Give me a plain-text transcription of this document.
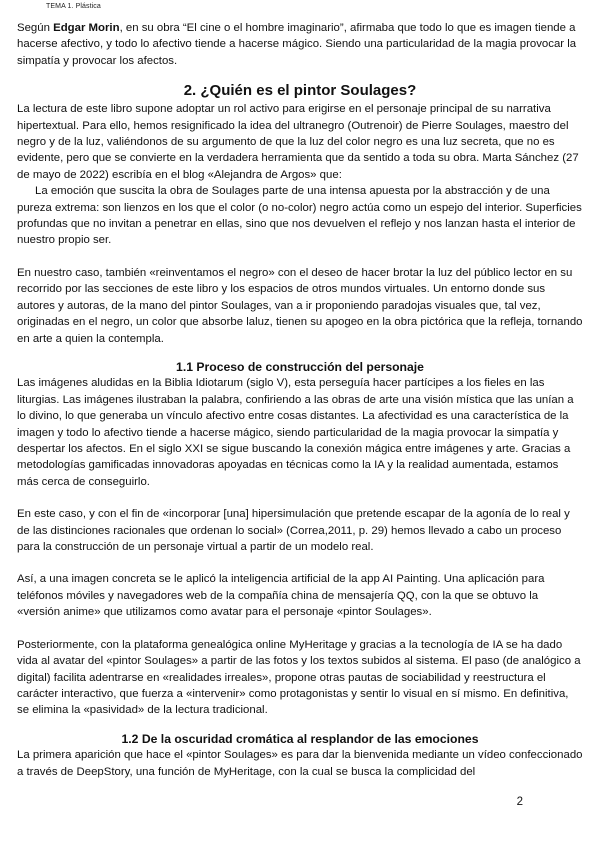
TEMA 1. Plástica

Según Edgar Morin, en su obra “El cine o el hombre imaginario”, afirmaba que todo lo que es imagen tiende a hacerse afectivo, y todo lo afectivo tiende a hacerse mágico. Siendo una particularidad de la magia provocar la simpatía y provocar los afectos.

2. ¿Quién es el pintor Soulages?

La lectura de este libro supone adoptar un rol activo para erigirse en el personaje principal de su narrativa hipertextual. Para ello, hemos resignificado la idea del ultranegro (Outrenoir) de Pierre Soulages, maestro del negro y de la luz, valiéndonos de su argumento de que la luz del color negro es una luz secreta, que no es evidente, pero que se convierte en la verdadera herramienta que da sentido a toda su obra. Marta Sánchez (27 de mayo de 2022) escribía en el blog «Alejandra de Argos» que:

La emoción que suscita la obra de Soulages parte de una intensa apuesta por la abstracción y de una pureza extrema: son lienzos en los que el color (o no-color) negro actúa como un espejo del interior. Superficies profundas que no invitan a penetrar en ellas, sino que nos devuelven el reflejo y nos lanzan hasta el interior de nuestro propio ser.

En nuestro caso, también «reinventamos el negro» con el deseo de hacer brotar la luz del público lector en su recorrido por las secciones de este libro y los espacios de otros mundos virtuales. Un entorno donde sus autores y autoras, de la mano del pintor Soulages, van a ir proponiendo paradojas visuales que, tal vez, originadas en el negro, un color que absorbe laluz, tienen su apogeo en la obra pictórica que la refleja, tornando en arte a quien la contempla.

1.1 Proceso de construcción del personaje

Las imágenes aludidas en la Biblia Idiotarum (siglo V), esta perseguía hacer partícipes a los fieles en las liturgias. Las imágenes ilustraban la palabra, confiriendo a las obras de arte una visión mística que las unían a lo divino, lo que generaba un vínculo afectivo entre cosas distantes. La afectividad es una característica de la imagen y todo lo afectivo tiende a hacerse mágico, siendo particularidad de la magia provocar la simpatía y despertar los afectos. En el siglo XXI se sigue buscando la conexión mágica entre imágenes y arte. Gracias a metodologías gamificadas innovadoras apoyadas en técnicas como la IA y la realidad aumentada, estamos más cerca de conseguirlo.

En este caso, y con el fin de «incorporar [una] hipersimulación que pretende escapar de la agonía de lo real y de las distinciones racionales que ordenan lo social» (Correa,2011, p. 29) hemos llevado a cabo un proceso para la construcción de un personaje virtual a partir de un modelo real.

Así, a una imagen concreta se le aplicó la inteligencia artificial de la app AI Painting. Una aplicación para teléfonos móviles y navegadores web de la compañía china de mensajería QQ, con la que se obtuvo la «versión anime» que utilizamos como avatar para el personaje «pintor Soulages».

Posteriormente, con la plataforma genealógica online MyHeritage y gracias a la tecnología de IA se ha dado vida al avatar del «pintor Soulages» a partir de las fotos y los textos subidos al sistema. El paso (de analógico a digital) facilita adentrarse en «realidades irreales», propone otras pautas de sociabilidad y reestructura el carácter interactivo, que fuerza a «intervenir» como protagonistas y sentir lo visual en sí mismo. En definitiva, se elimina la «pasividad» de la lectura tradicional.

1.2 De la oscuridad cromática al resplandor de las emociones

La primera aparición que hace el «pintor Soulages» es para dar la bienvenida mediante un vídeo confeccionado a través de DeepStory, una función de MyHeritage, con la cual se busca la complicidad del

2
